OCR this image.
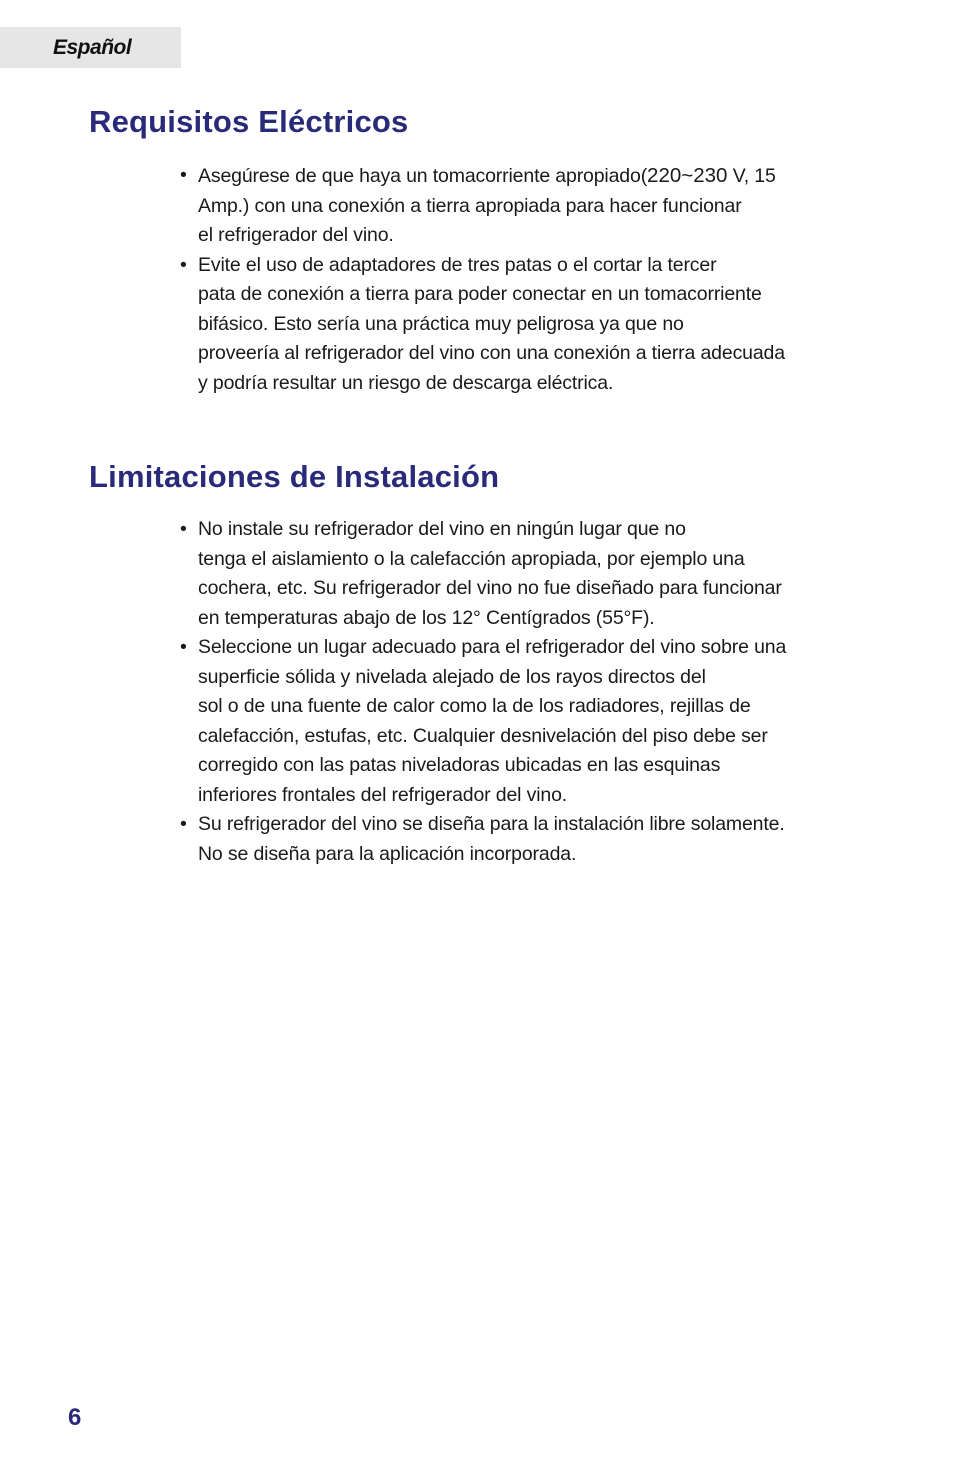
Español
Requisitos Eléctricos
• Asegúrese de que haya un tomacorriente apropiado(220~230 V, 15
Amp.) con una conexión a tierra apropiada para hacer funcionar
el refrigerador del vino.
• Evite el uso de adaptadores de tres patas o el cortar la tercer
pata de conexión a tierra para poder conectar en un tomacorriente
bifásico. Esto sería una práctica muy peligrosa ya que no
proveería al refrigerador del vino con una conexión a tierra adecuada
y podría resultar un riesgo de descarga eléctrica.
Limitaciones de Instalación
• No instale su refrigerador del vino en ningún lugar que no
tenga el aislamiento o la calefacción apropiada, por ejemplo una
cochera, etc. Su refrigerador del vino no fue diseñado para funcionar
en temperaturas abajo de los 12° Centígrados (55°F).
• Seleccione un lugar adecuado para el refrigerador del vino sobre una
superficie sólida y nivelada alejado de los rayos directos del
sol o de una fuente de calor como la de los radiadores, rejillas de
calefacción, estufas, etc. Cualquier desnivelación del piso debe ser
corregido con las patas niveladoras ubicadas en las esquinas
inferiores frontales del refrigerador del vino.
• Su refrigerador del vino se diseña para la instalación libre solamente.
No se diseña para la aplicación incorporada.
6
